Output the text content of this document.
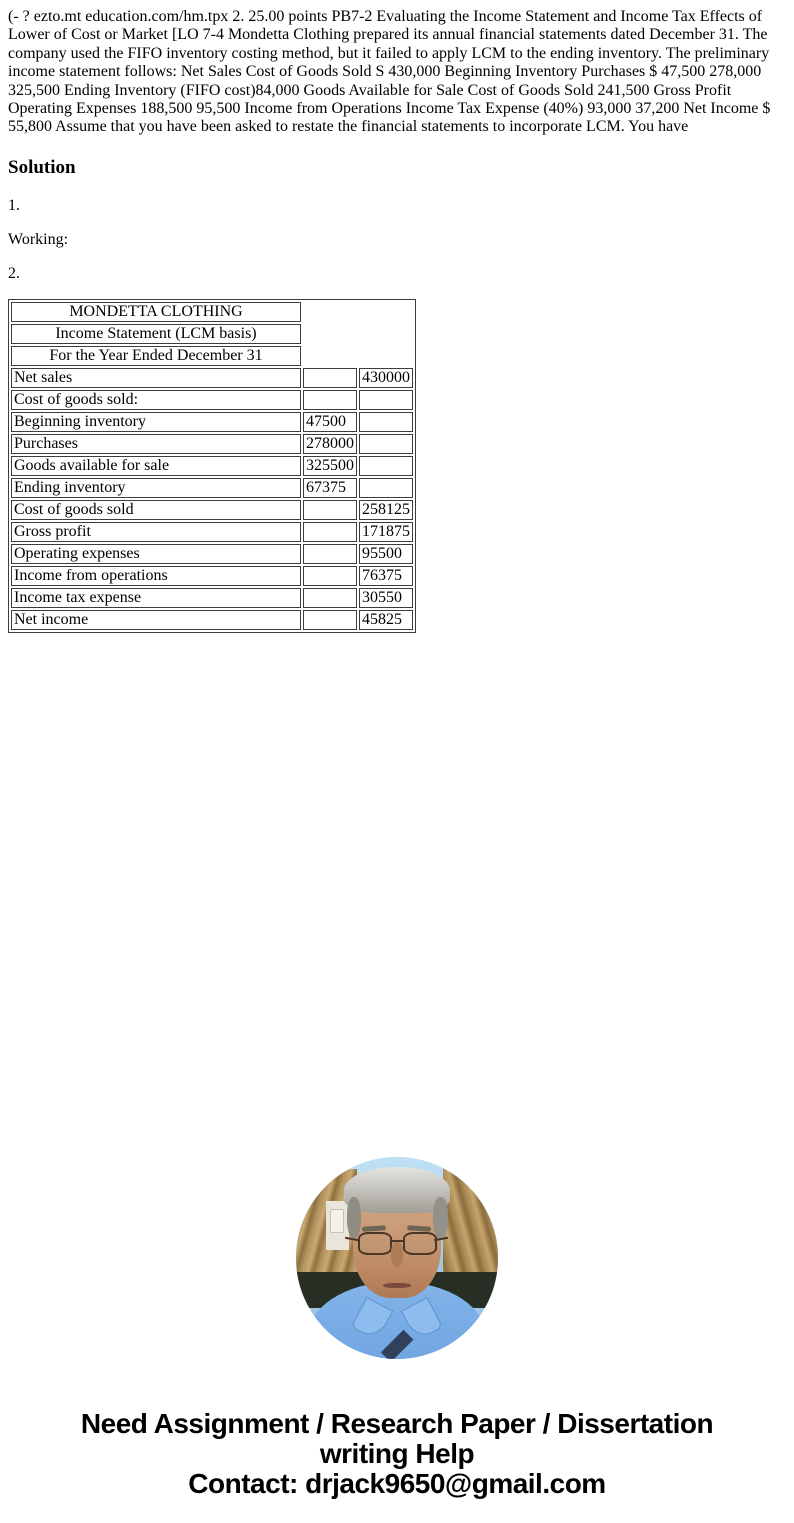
(- ? ezto.mt education.com/hm.tpx 2. 25.00 points PB7-2 Evaluating the Income Statement and Income Tax Effects of Lower of Cost or Market [LO 7-4 Mondetta Clothing prepared its annual financial statements dated December 31. The company used the FIFO inventory costing method, but it failed to apply LCM to the ending inventory. The preliminary income statement follows: Net Sales Cost of Goods Sold S 430,000 Beginning Inventory Purchases $ 47,500 278,000 325,500 Ending Inventory (FIFO cost)84,000 Goods Available for Sale Cost of Goods Sold 241,500 Gross Profit Operating Expenses 188,500 95,500 Income from Operations Income Tax Expense (40%) 93,000 37,200 Net Income $ 55,800 Assume that you have been asked to restate the financial statements to incorporate LCM. You have

Solution

1.

Working:

2.

MONDETTA CLOTHING		
Income Statement (LCM basis)		
For the Year Ended December 31		
Net sales		430000
Cost of goods sold:		
Beginning inventory	47500	
Purchases	278000	
Goods available for sale	325500	
Ending inventory	67375	
Cost of goods sold		258125
Gross profit		171875
Operating expenses		95500
Income from operations		76375
Income tax expense		30550
Net income		45825
Need Assignment / Research Paper / Dissertation
writing Help
Contact: drjack9650@gmail.com
